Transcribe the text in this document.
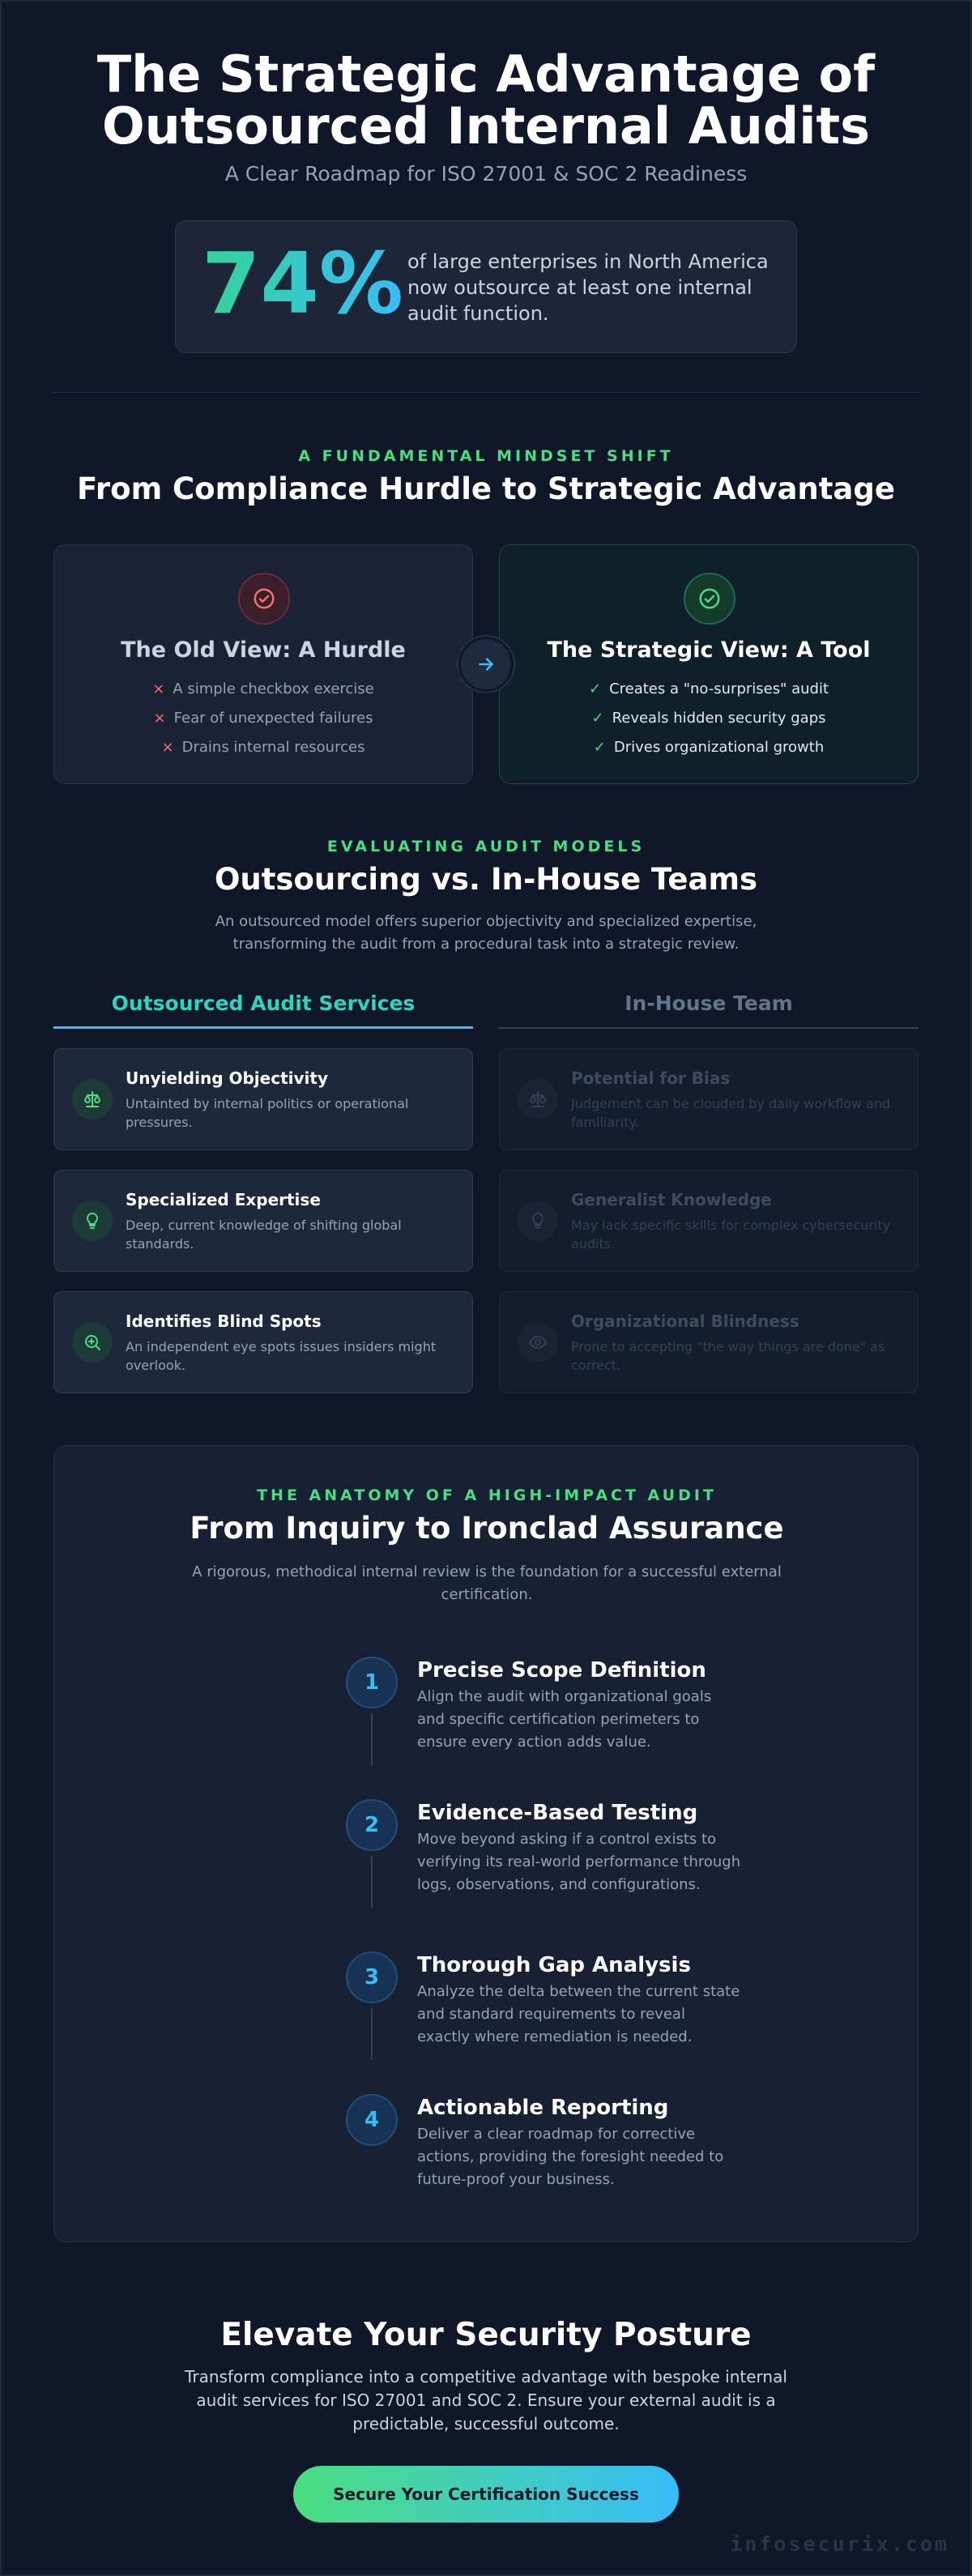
The Strategic Advantage of
Outsourced Internal Audits
A Clear Roadmap for ISO 27001 & SOC 2 Readiness
74% of large enterprises in North America now outsource at least one internal audit function.
A FUNDAMENTAL MINDSET SHIFT
From Compliance Hurdle to Strategic Advantage
The Old View: A Hurdle
× A simple checkbox exercise
× Fear of unexpected failures
× Drains internal resources
The Strategic View: A Tool
✓ Creates a "no-surprises" audit
✓ Reveals hidden security gaps
✓ Drives organizational growth
EVALUATING AUDIT MODELS
Outsourcing vs. In-House Teams
An outsourced model offers superior objectivity and specialized expertise, transforming the audit from a procedural task into a strategic review.
Outsourced Audit Services	In-House Team
Unyielding Objectivity
Untainted by internal politics or operational pressures.
Specialized Expertise
Deep, current knowledge of shifting global standards.
Identifies Blind Spots
An independent eye spots issues insiders might overlook.
Potential for Bias
Judgement can be clouded by daily workflow and familiarity.
Generalist Knowledge
May lack specific skills for complex cybersecurity audits.
Organizational Blindness
Prone to accepting "the way things are done" as correct.
THE ANATOMY OF A HIGH-IMPACT AUDIT
From Inquiry to Ironclad Assurance
A rigorous, methodical internal review is the foundation for a successful external certification.
1	Precise Scope Definition
Align the audit with organizational goals and specific certification perimeters to ensure every action adds value.
2	Evidence-Based Testing
Move beyond asking if a control exists to verifying its real-world performance through logs, observations, and configurations.
3	Thorough Gap Analysis
Analyze the delta between the current state and standard requirements to reveal exactly where remediation is needed.
4	Actionable Reporting
Deliver a clear roadmap for corrective actions, providing the foresight needed to future-proof your business.
Elevate Your Security Posture
Transform compliance into a competitive advantage with bespoke internal audit services for ISO 27001 and SOC 2. Ensure your external audit is a predictable, successful outcome.
Secure Your Certification Success
infosecurix.com
